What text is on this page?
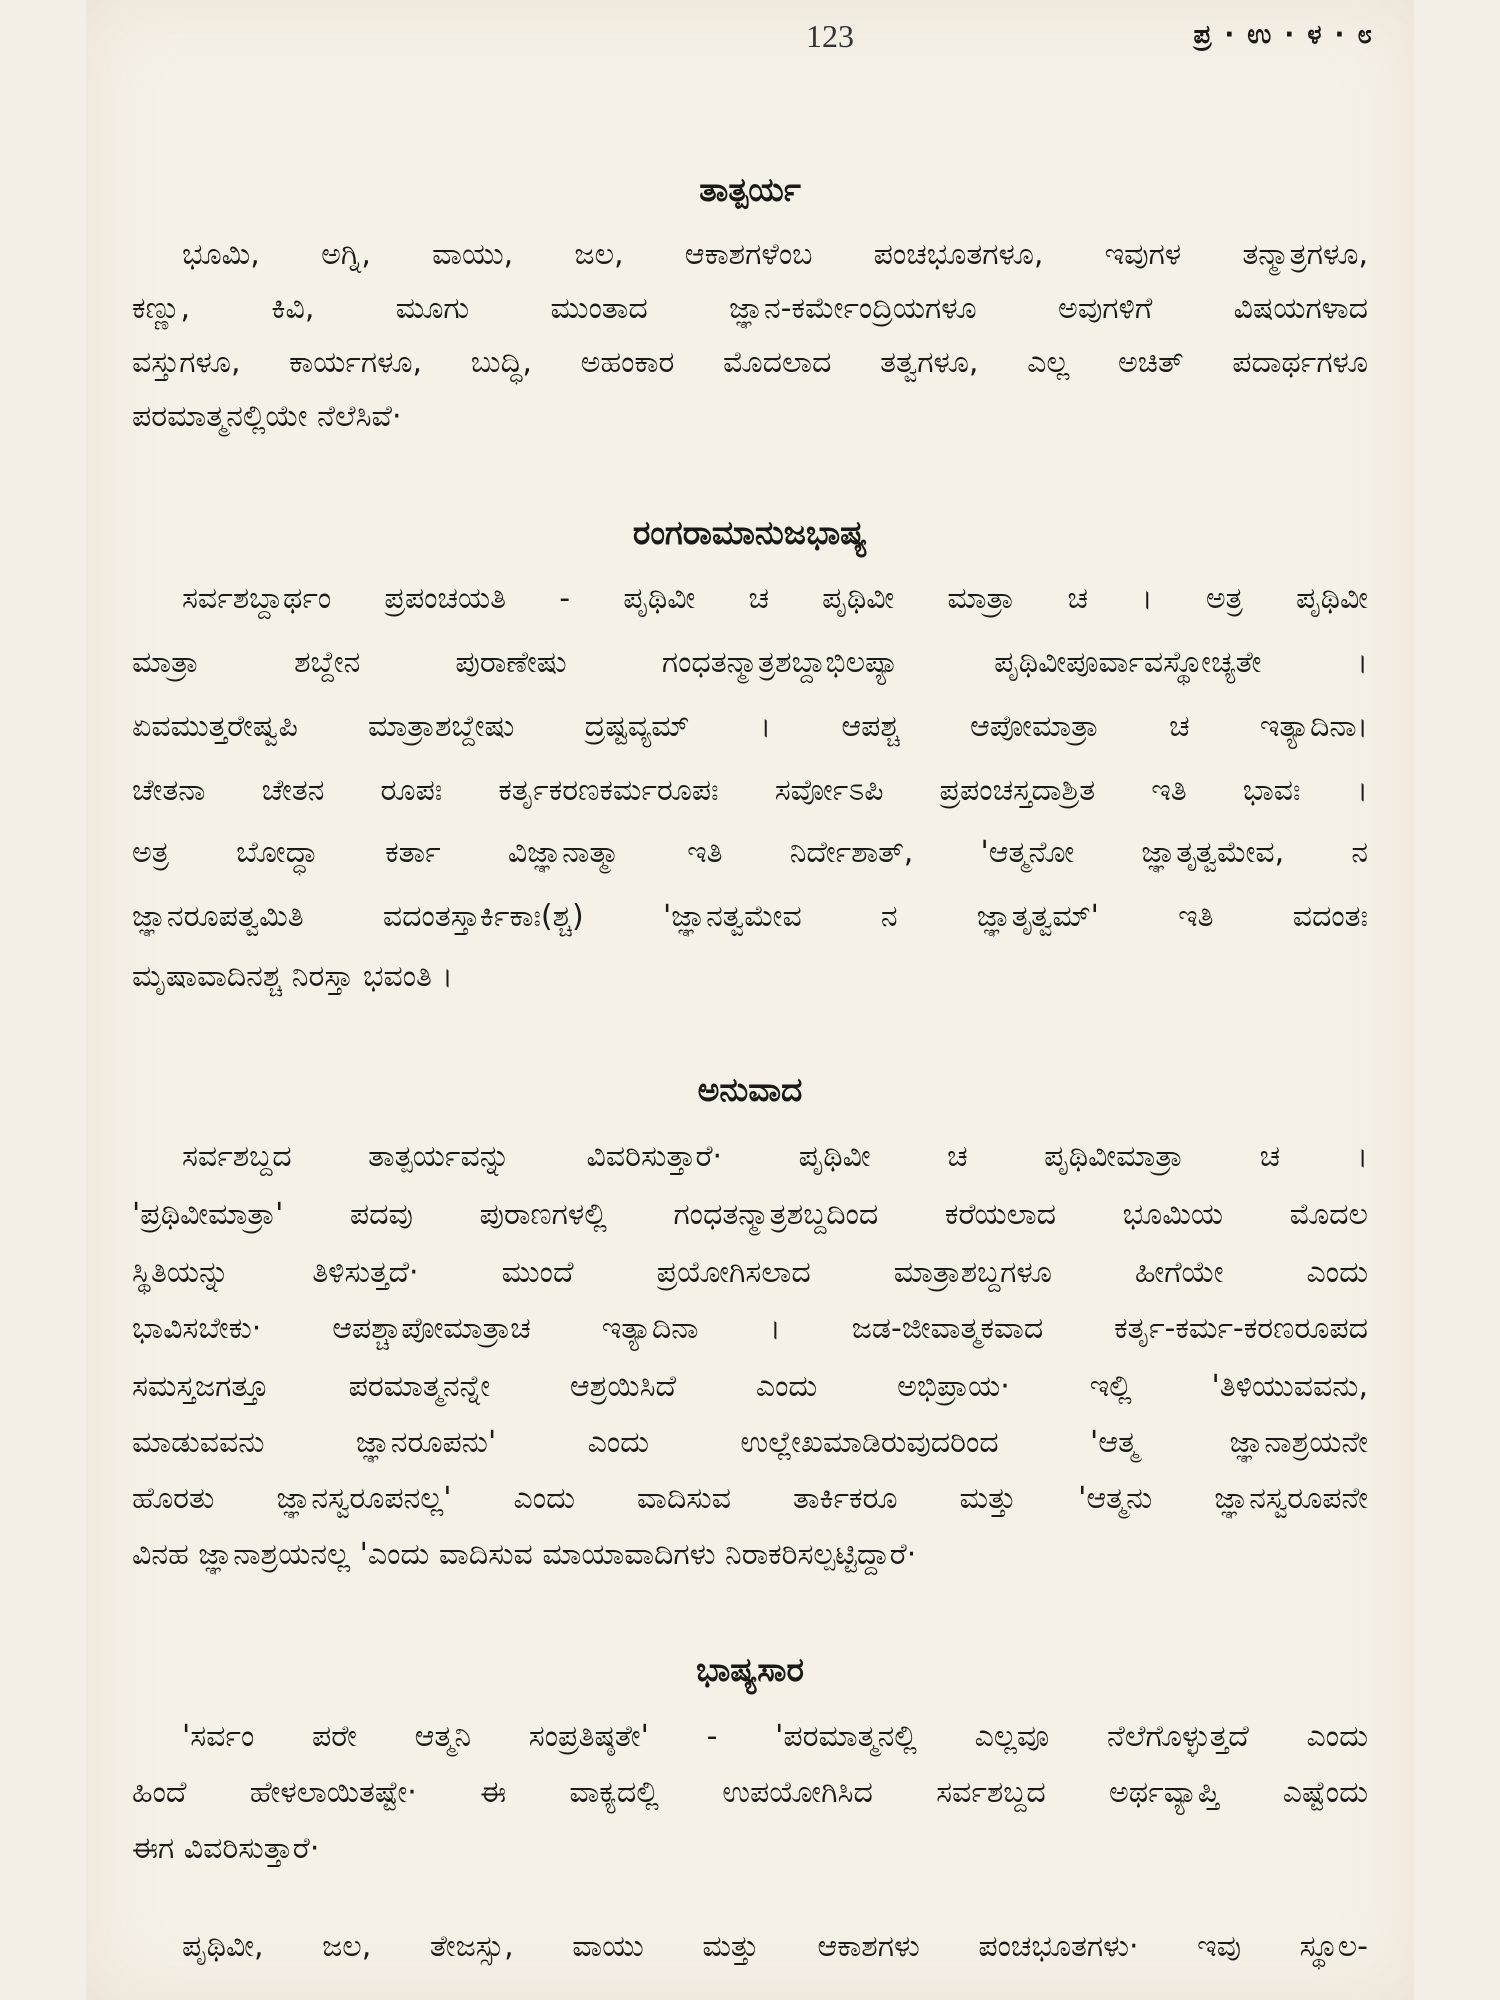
123	ಪ್ರ · ಉ · ಳ · ೮
ತಾತ್ಪರ್ಯ
ಭೂಮಿ, ಅಗ್ನಿ, ವಾಯು, ಜಲ, ಆಕಾಶಗಳೆಂಬ ಪಂಚಭೂತಗಳೂ, ಇವುಗಳ ತನ್ಮಾತ್ರಗಳೂ,
ಕಣ್ಣು, ಕಿವಿ, ಮೂಗು ಮುಂತಾದ ಜ್ಞಾನ-ಕರ್ಮೇಂದ್ರಿಯಗಳೂ ಅವುಗಳಿಗೆ ವಿಷಯಗಳಾದ
ವಸ್ತುಗಳೂ, ಕಾರ್ಯಗಳೂ, ಬುದ್ಧಿ, ಅಹಂಕಾರ ಮೊದಲಾದ ತತ್ವಗಳೂ, ಎಲ್ಲ ಅಚಿತ್ ಪದಾರ್ಥಗಳೂ
ಪರಮಾತ್ಮನಲ್ಲಿಯೇ ನೆಲೆಸಿವೆ·
ರಂಗರಾಮಾನುಜಭಾಷ್ಯ
ಸರ್ವಶಬ್ದಾರ್ಥಂ ಪ್ರಪಂಚಯತಿ - ಪೃಥಿವೀ ಚ ಪೃಥಿವೀ ಮಾತ್ರಾ ಚ । ಅತ್ರ ಪೃಥಿವೀ
ಮಾತ್ರಾ ಶಬ್ದೇನ ಪುರಾಣೇಷು ಗಂಧತನ್ಮಾತ್ರಶಬ್ದಾಭಿಲಪ್ಯಾ ಪೃಥಿವೀಪೂರ್ವಾವಸ್ಥೋಚ್ಯತೇ ।
ಏವಮುತ್ತರೇಷ್ವಪಿ ಮಾತ್ರಾಶಬ್ದೇಷು ದ್ರಷ್ಟವ್ಯಮ್ । ಆಪಶ್ಚ ಆಪೋಮಾತ್ರಾ ಚ ಇತ್ಯಾದಿನಾ।
ಚೇತನಾ ಚೇತನ ರೂಪಃ ಕರ್ತೃಕರಣಕರ್ಮರೂಪಃ ಸರ್ವೋಽಪಿ ಪ್ರಪಂಚಸ್ತದಾಶ್ರಿತ ಇತಿ ಭಾವಃ ।
ಅತ್ರ ಬೋದ್ಧಾ ಕರ್ತಾ ವಿಜ್ಞಾನಾತ್ಮಾ ಇತಿ ನಿರ್ದೇಶಾತ್, 'ಆತ್ಮನೋ ಜ್ಞಾತೃತ್ವಮೇವ, ನ
ಜ್ಞಾನರೂಪತ್ವಮಿತಿ ವದಂತಸ್ತಾರ್ಕಿಕಾಃ(ಶ್ಚ) 'ಜ್ಞಾನತ್ವಮೇವ ನ ಜ್ಞಾತೃತ್ವಮ್' ಇತಿ ವದಂತಃ
ಮೃಷಾವಾದಿನಶ್ಚ ನಿರಸ್ತಾ ಭವಂತಿ ।
ಅನುವಾದ
ಸರ್ವಶಬ್ದದ ತಾತ್ಪರ್ಯವನ್ನು ವಿವರಿಸುತ್ತಾರೆ· ಪೃಥಿವೀ ಚ ಪೃಥಿವೀಮಾತ್ರಾ ಚ ।
'ಪ್ರಥಿವೀಮಾತ್ರಾ' ಪದವು ಪುರಾಣಗಳಲ್ಲಿ ಗಂಧತನ್ಮಾತ್ರಶಬ್ದದಿಂದ ಕರೆಯಲಾದ ಭೂಮಿಯ ಮೊದಲ
ಸ್ಥಿತಿಯನ್ನು ತಿಳಿಸುತ್ತದೆ· ಮುಂದೆ ಪ್ರಯೋಗಿಸಲಾದ ಮಾತ್ರಾಶಬ್ದಗಳೂ ಹೀಗೆಯೇ ಎಂದು
ಭಾವಿಸಬೇಕು· ಆಪಶ್ಚಾಪೋಮಾತ್ರಾಚ ಇತ್ಯಾದಿನಾ । ಜಡ-ಜೀವಾತ್ಮಕವಾದ ಕರ್ತೃ-ಕರ್ಮ-ಕರಣರೂಪದ
ಸಮಸ್ತಜಗತ್ತೂ ಪರಮಾತ್ಮನನ್ನೇ ಆಶ್ರಯಿಸಿದೆ ಎಂದು ಅಭಿಪ್ರಾಯ· ಇಲ್ಲಿ 'ತಿಳಿಯುವವನು,
ಮಾಡುವವನು ಜ್ಞಾನರೂಪನು' ಎಂದು ಉಲ್ಲೇಖಮಾಡಿರುವುದರಿಂದ 'ಆತ್ಮ ಜ್ಞಾನಾಶ್ರಯನೇ
ಹೊರತು ಜ್ಞಾನಸ್ವರೂಪನಲ್ಲ' ಎಂದು ವಾದಿಸುವ ತಾರ್ಕಿಕರೂ ಮತ್ತು 'ಆತ್ಮನು ಜ್ಞಾನಸ್ವರೂಪನೇ
ವಿನಹ ಜ್ಞಾನಾಶ್ರಯನಲ್ಲ 'ಎಂದು ವಾದಿಸುವ ಮಾಯಾವಾದಿಗಳು ನಿರಾಕರಿಸಲ್ಪಟ್ಟಿದ್ದಾರೆ·
ಭಾಷ್ಯಸಾರ
'ಸರ್ವಂ ಪರೇ ಆತ್ಮನಿ ಸಂಪ್ರತಿಷ್ಠತೇ' - 'ಪರಮಾತ್ಮನಲ್ಲಿ ಎಲ್ಲವೂ ನೆಲೆಗೊಳ್ಳುತ್ತದೆ ಎಂದು
ಹಿಂದೆ ಹೇಳಲಾಯಿತಷ್ಟೇ· ಈ ವಾಕ್ಯದಲ್ಲಿ ಉಪಯೋಗಿಸಿದ ಸರ್ವಶಬ್ದದ ಅರ್ಥವ್ಯಾಪ್ತಿ ಎಷ್ಟೆಂದು
ಈಗ ವಿವರಿಸುತ್ತಾರೆ·
ಪೃಥಿವೀ, ಜಲ, ತೇಜಸ್ಸು, ವಾಯು ಮತ್ತು ಆಕಾಶಗಳು ಪಂಚಭೂತಗಳು· ಇವು ಸ್ಥೂಲ-
